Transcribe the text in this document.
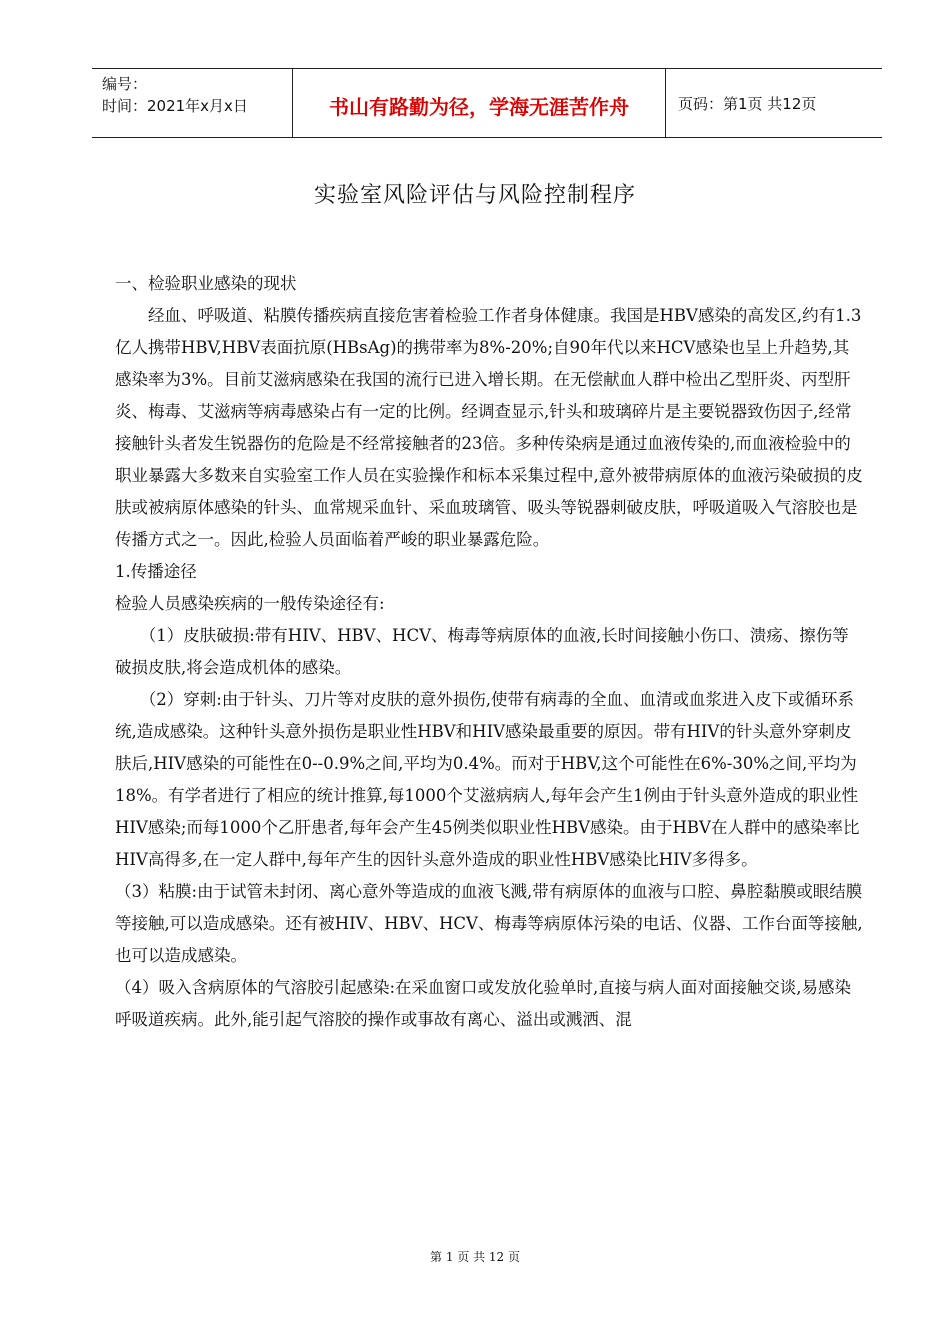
编号：
时间：2021年x月x日	书山有路勤为径，学海无涯苦作舟	页码：第1页 共12页
实验室风险评估与风险控制程序

一、检验职业感染的现状

经血、呼吸道、粘膜传播疾病直接危害着检验工作者身体健康。我国是HBV感染的高发区,约有1.3亿人携带HBV,HBV表面抗原(HBsAg)的携带率为8%-20%;自90年代以来HCV感染也呈上升趋势,其感染率为3%。目前艾滋病感染在我国的流行已进入增长期。在无偿献血人群中检出乙型肝炎、丙型肝炎、梅毒、艾滋病等病毒感染占有一定的比例。经调查显示,针头和玻璃碎片是主要锐器致伤因子,经常接触针头者发生锐器伤的危险是不经常接触者的23倍。多种传染病是通过血液传染的,而血液检验中的职业暴露大多数来自实验室工作人员在实验操作和标本采集过程中,意外被带病原体的血液污染破损的皮肤或被病原体感染的针头、血常规采血针、采血玻璃管、吸头等锐器刺破皮肤，呼吸道吸入气溶胶也是传播方式之一。因此,检验人员面临着严峻的职业暴露危险。

1.传播途径

检验人员感染疾病的一般传染途径有:

（1）皮肤破损:带有HIV、HBV、HCV、梅毒等病原体的血液,长时间接触小伤口、溃疡、擦伤等破损皮肤,将会造成机体的感染。

（2）穿刺:由于针头、刀片等对皮肤的意外损伤,使带有病毒的全血、血清或血浆进入皮下或循环系统,造成感染。这种针头意外损伤是职业性HBV和HIV感染最重要的原因。带有HIV的针头意外穿刺皮肤后,HIV感染的可能性在0--0.9%之间,平均为0.4%。而对于HBV,这个可能性在6%-30%之间,平均为18%。有学者进行了相应的统计推算,每1000个艾滋病病人,每年会产生1例由于针头意外造成的职业性HIV感染;而每1000个乙肝患者,每年会产生45例类似职业性HBV感染。由于HBV在人群中的感染率比HIV高得多,在一定人群中,每年产生的因针头意外造成的职业性HBV感染比HIV多得多。

（3）粘膜:由于试管未封闭、离心意外等造成的血液飞溅,带有病原体的血液与口腔、鼻腔黏膜或眼结膜等接触,可以造成感染。还有被HIV、HBV、HCV、梅毒等病原体污染的电话、仪器、工作台面等接触,也可以造成感染。

（4）吸入含病原体的气溶胶引起感染:在采血窗口或发放化验单时,直接与病人面对面接触交谈,易感染呼吸道疾病。此外,能引起气溶胶的操作或事故有离心、溢出或溅洒、混

第 1 页 共 12 页
